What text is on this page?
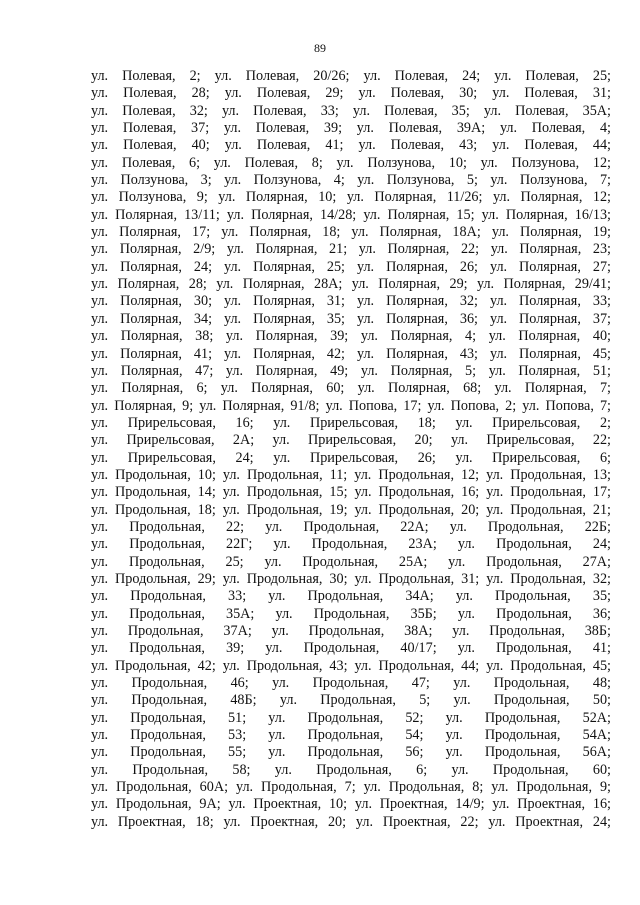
89
ул. Полевая, 2; ул. Полевая, 20/26; ул. Полевая, 24; ул. Полевая, 25;
ул. Полевая, 28; ул. Полевая, 29; ул. Полевая, 30; ул. Полевая, 31;
ул. Полевая, 32; ул. Полевая, 33; ул. Полевая, 35; ул. Полевая, 35А;
ул. Полевая, 37; ул. Полевая, 39; ул. Полевая, 39А; ул. Полевая, 4;
ул. Полевая, 40; ул. Полевая, 41; ул. Полевая, 43; ул. Полевая, 44;
ул. Полевая, 6; ул. Полевая, 8; ул. Ползунова, 10; ул. Ползунова, 12;
ул. Ползунова, 3; ул. Ползунова, 4; ул. Ползунова, 5; ул. Ползунова, 7;
ул. Ползунова, 9; ул. Полярная, 10; ул. Полярная, 11/26; ул. Полярная, 12;
ул. Полярная, 13/11; ул. Полярная, 14/28; ул. Полярная, 15; ул. Полярная, 16/13;
ул. Полярная, 17; ул. Полярная, 18; ул. Полярная, 18А; ул. Полярная, 19;
ул. Полярная, 2/9; ул. Полярная, 21; ул. Полярная, 22; ул. Полярная, 23;
ул. Полярная, 24; ул. Полярная, 25; ул. Полярная, 26; ул. Полярная, 27;
ул. Полярная, 28; ул. Полярная, 28А; ул. Полярная, 29; ул. Полярная, 29/41;
ул. Полярная, 30; ул. Полярная, 31; ул. Полярная, 32; ул. Полярная, 33;
ул. Полярная, 34; ул. Полярная, 35; ул. Полярная, 36; ул. Полярная, 37;
ул. Полярная, 38; ул. Полярная, 39; ул. Полярная, 4; ул. Полярная, 40;
ул. Полярная, 41; ул. Полярная, 42; ул. Полярная, 43; ул. Полярная, 45;
ул. Полярная, 47; ул. Полярная, 49; ул. Полярная, 5; ул. Полярная, 51;
ул. Полярная, 6; ул. Полярная, 60; ул. Полярная, 68; ул. Полярная, 7;
ул. Полярная, 9; ул. Полярная, 91/8; ул. Попова, 17; ул. Попова, 2; ул. Попова, 7;
ул. Прирельсовая, 16; ул. Прирельсовая, 18; ул. Прирельсовая, 2;
ул. Прирельсовая, 2А; ул. Прирельсовая, 20; ул. Прирельсовая, 22;
ул. Прирельсовая, 24; ул. Прирельсовая, 26; ул. Прирельсовая, 6;
ул. Продольная, 10; ул. Продольная, 11; ул. Продольная, 12; ул. Продольная, 13;
ул. Продольная, 14; ул. Продольная, 15; ул. Продольная, 16; ул. Продольная, 17;
ул. Продольная, 18; ул. Продольная, 19; ул. Продольная, 20; ул. Продольная, 21;
ул. Продольная, 22; ул. Продольная, 22А; ул. Продольная, 22Б;
ул. Продольная, 22Г; ул. Продольная, 23А; ул. Продольная, 24;
ул. Продольная, 25; ул. Продольная, 25А; ул. Продольная, 27А;
ул. Продольная, 29; ул. Продольная, 30; ул. Продольная, 31; ул. Продольная, 32;
ул. Продольная, 33; ул. Продольная, 34А; ул. Продольная, 35;
ул. Продольная, 35А; ул. Продольная, 35Б; ул. Продольная, 36;
ул. Продольная, 37А; ул. Продольная, 38А; ул. Продольная, 38Б;
ул. Продольная, 39; ул. Продольная, 40/17; ул. Продольная, 41;
ул. Продольная, 42; ул. Продольная, 43; ул. Продольная, 44; ул. Продольная, 45;
ул. Продольная, 46; ул. Продольная, 47; ул. Продольная, 48;
ул. Продольная, 48Б; ул. Продольная, 5; ул. Продольная, 50;
ул. Продольная, 51; ул. Продольная, 52; ул. Продольная, 52А;
ул. Продольная, 53; ул. Продольная, 54; ул. Продольная, 54А;
ул. Продольная, 55; ул. Продольная, 56; ул. Продольная, 56А;
ул. Продольная, 58; ул. Продольная, 6; ул. Продольная, 60;
ул. Продольная, 60А; ул. Продольная, 7; ул. Продольная, 8; ул. Продольная, 9;
ул. Продольная, 9А; ул. Проектная, 10; ул. Проектная, 14/9; ул. Проектная, 16;
ул. Проектная, 18; ул. Проектная, 20; ул. Проектная, 22; ул. Проектная, 24;
